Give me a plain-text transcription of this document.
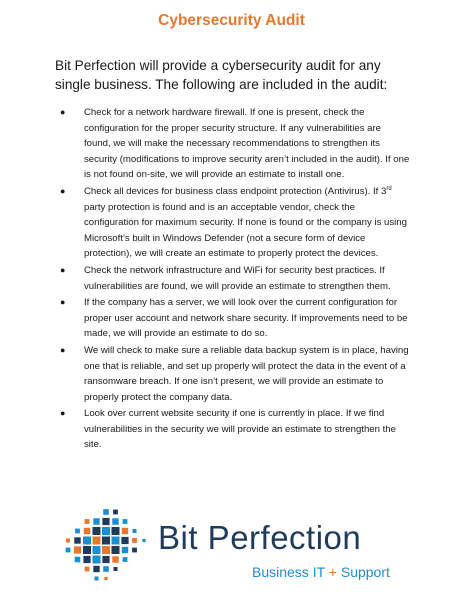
Cybersecurity Audit

Bit Perfection will provide a cybersecurity audit for any single business. The following are included in the audit:

● Check for a network hardware firewall. If one is present, check the configuration for the proper security structure. If any vulnerabilities are found, we will make the necessary recommendations to strengthen its security (modifications to improve security aren’t included in the audit). If one is not found on-site, we will provide an estimate to install one.
● Check all devices for business class endpoint protection (Antivirus). If 3rd party protection is found and is an acceptable vendor, check the configuration for maximum security. If none is found or the company is using Microsoft’s built in Windows Defender (not a secure form of device protection), we will create an estimate to properly protect the devices.
● Check the network infrastructure and WiFi for security best practices. If vulnerabilities are found, we will provide an estimate to strengthen them.
● If the company has a server, we will look over the current configuration for proper user account and network share security. If improvements need to be made, we will provide an estimate to do so.
● We will check to make sure a reliable data backup system is in place, having one that is reliable, and set up properly will protect the data in the event of a ransomware breach. If one isn’t present, we will provide an estimate to properly protect the company data.
● Look over current website security if one is currently in place. If we find vulnerabilities in the security we will provide an estimate to strengthen the site.
Bit Perfection
Business IT + Support
